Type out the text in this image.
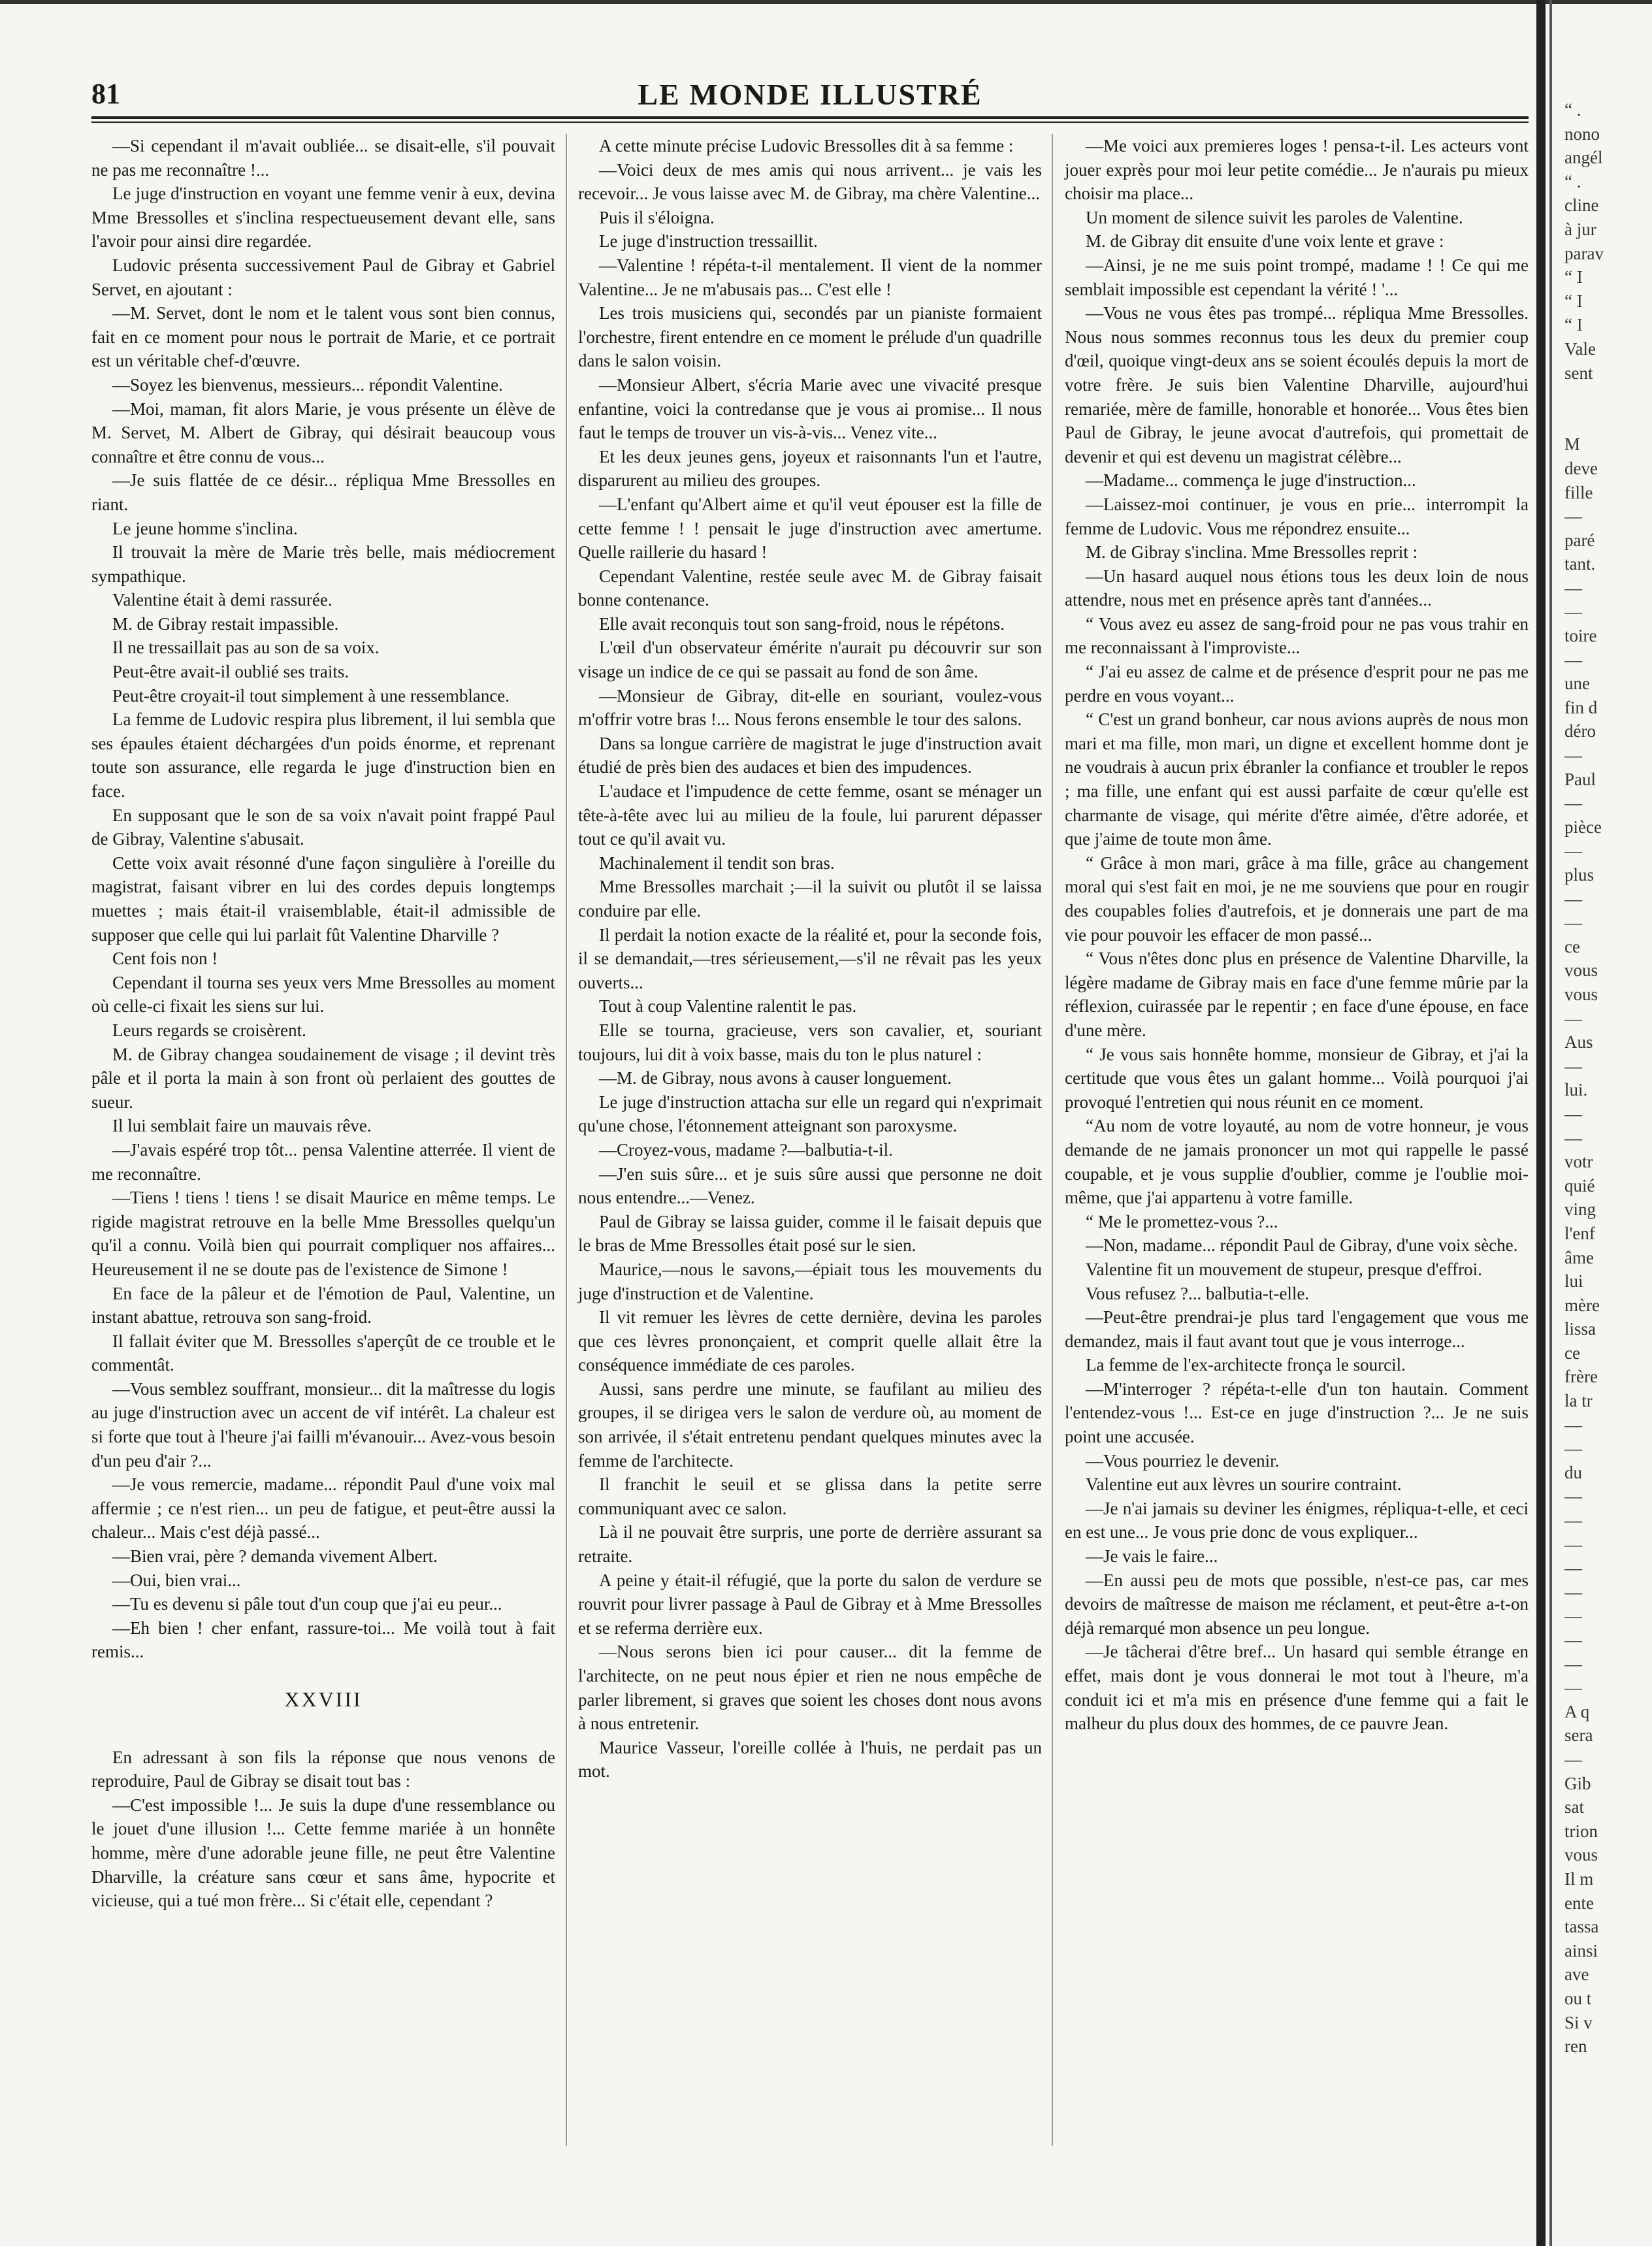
81	LE MONDE ILLUSTRÉ

—Si cependant il m'avait oubliée... se disait-elle, s'il pouvait ne pas me reconnaître !...

Le juge d'instruction en voyant une femme venir à eux, devina Mme Bressolles et s'inclina respectueusement devant elle, sans l'avoir pour ainsi dire regardée.

Ludovic présenta successivement Paul de Gibray et Gabriel Servet, en ajoutant :

—M. Servet, dont le nom et le talent vous sont bien connus, fait en ce moment pour nous le portrait de Marie, et ce portrait est un véritable chef-d'œuvre.

—Soyez les bienvenus, messieurs... répondit Valentine.

—Moi, maman, fit alors Marie, je vous présente un élève de M. Servet, M. Albert de Gibray, qui désirait beaucoup vous connaître et être connu de vous...

—Je suis flattée de ce désir... répliqua Mme Bressolles en riant.

Le jeune homme s'inclina.

Il trouvait la mère de Marie très belle, mais médiocrement sympathique.

Valentine était à demi rassurée.

M. de Gibray restait impassible.

Il ne tressaillait pas au son de sa voix.

Peut-être avait-il oublié ses traits.

Peut-être croyait-il tout simplement à une ressemblance.

La femme de Ludovic respira plus librement, il lui sembla que ses épaules étaient déchargées d'un poids énorme, et reprenant toute son assurance, elle regarda le juge d'instruction bien en face.

En supposant que le son de sa voix n'avait point frappé Paul de Gibray, Valentine s'abusait.

Cette voix avait résonné d'une façon singulière à l'oreille du magistrat, faisant vibrer en lui des cordes depuis longtemps muettes ; mais était-il vraisemblable, était-il admissible de supposer que celle qui lui parlait fût Valentine Dharville ?

Cent fois non !

Cependant il tourna ses yeux vers Mme Bressolles au moment où celle-ci fixait les siens sur lui.

Leurs regards se croisèrent.

M. de Gibray changea soudainement de visage ; il devint très pâle et il porta la main à son front où perlaient des gouttes de sueur.

Il lui semblait faire un mauvais rêve.

—J'avais espéré trop tôt... pensa Valentine atterrée. Il vient de me reconnaître.

—Tiens ! tiens ! tiens ! se disait Maurice en même temps. Le rigide magistrat retrouve en la belle Mme Bressolles quelqu'un qu'il a connu. Voilà bien qui pourrait compliquer nos affaires... Heureusement il ne se doute pas de l'existence de Simone !

En face de la pâleur et de l'émotion de Paul, Valentine, un instant abattue, retrouva son sang-froid.

Il fallait éviter que M. Bressolles s'aperçût de ce trouble et le commentât.

—Vous semblez souffrant, monsieur... dit la maîtresse du logis au juge d'instruction avec un accent de vif intérêt. La chaleur est si forte que tout à l'heure j'ai failli m'évanouir... Avez-vous besoin d'un peu d'air ?...

—Je vous remercie, madame... répondit Paul d'une voix mal affermie ; ce n'est rien... un peu de fatigue, et peut-être aussi la chaleur... Mais c'est déjà passé...

—Bien vrai, père ? demanda vivement Albert.

—Oui, bien vrai...

—Tu es devenu si pâle tout d'un coup que j'ai eu peur...

—Eh bien ! cher enfant, rassure-toi... Me voilà tout à fait remis...

XXVIII

En adressant à son fils la réponse que nous venons de reproduire, Paul de Gibray se disait tout bas :

—C'est impossible !... Je suis la dupe d'une ressemblance ou le jouet d'une illusion !... Cette femme mariée à un honnête homme, mère d'une adorable jeune fille, ne peut être Valentine Dharville, la créature sans cœur et sans âme, hypocrite et vicieuse, qui a tué mon frère... Si c'était elle, cependant ?

A cette minute précise Ludovic Bressolles dit à sa femme :

—Voici deux de mes amis qui nous arrivent... je vais les recevoir... Je vous laisse avec M. de Gibray, ma chère Valentine...

Puis il s'éloigna.

Le juge d'instruction tressaillit.

—Valentine ! répéta-t-il mentalement. Il vient de la nommer Valentine... Je ne m'abusais pas... C'est elle !

Les trois musiciens qui, secondés par un pianiste formaient l'orchestre, firent entendre en ce moment le prélude d'un quadrille dans le salon voisin.

—Monsieur Albert, s'écria Marie avec une vivacité presque enfantine, voici la contredanse que je vous ai promise... Il nous faut le temps de trouver un vis-à-vis... Venez vite...

Et les deux jeunes gens, joyeux et raisonnants l'un et l'autre, disparurent au milieu des groupes.

—L'enfant qu'Albert aime et qu'il veut épouser est la fille de cette femme ! ! pensait le juge d'instruction avec amertume. Quelle raillerie du hasard !

Cependant Valentine, restée seule avec M. de Gibray faisait bonne contenance.

Elle avait reconquis tout son sang-froid, nous le répétons.

L'œil d'un observateur émérite n'aurait pu découvrir sur son visage un indice de ce qui se passait au fond de son âme.

—Monsieur de Gibray, dit-elle en souriant, voulez-vous m'offrir votre bras !... Nous ferons ensemble le tour des salons.

Dans sa longue carrière de magistrat le juge d'instruction avait étudié de près bien des audaces et bien des impudences.

L'audace et l'impudence de cette femme, osant se ménager un tête-à-tête avec lui au milieu de la foule, lui parurent dépasser tout ce qu'il avait vu.

Machinalement il tendit son bras.

Mme Bressolles marchait ;—il la suivit ou plutôt il se laissa conduire par elle.

Il perdait la notion exacte de la réalité et, pour la seconde fois, il se demandait,—tres sérieusement,—s'il ne rêvait pas les yeux ouverts...

Tout à coup Valentine ralentit le pas.

Elle se tourna, gracieuse, vers son cavalier, et, souriant toujours, lui dit à voix basse, mais du ton le plus naturel :

—M. de Gibray, nous avons à causer longuement.

Le juge d'instruction attacha sur elle un regard qui n'exprimait qu'une chose, l'étonnement atteignant son paroxysme.

—Croyez-vous, madame ?—balbutia-t-il.

—J'en suis sûre... et je suis sûre aussi que personne ne doit nous entendre...—Venez.

Paul de Gibray se laissa guider, comme il le faisait depuis que le bras de Mme Bressolles était posé sur le sien.

Maurice,—nous le savons,—épiait tous les mouvements du juge d'instruction et de Valentine.

Il vit remuer les lèvres de cette dernière, devina les paroles que ces lèvres prononçaient, et comprit quelle allait être la conséquence immédiate de ces paroles.

Aussi, sans perdre une minute, se faufilant au milieu des groupes, il se dirigea vers le salon de verdure où, au moment de son arrivée, il s'était entretenu pendant quelques minutes avec la femme de l'architecte.

Il franchit le seuil et se glissa dans la petite serre communiquant avec ce salon.

Là il ne pouvait être surpris, une porte de derrière assurant sa retraite.

A peine y était-il réfugié, que la porte du salon de verdure se rouvrit pour livrer passage à Paul de Gibray et à Mme Bressolles et se referma derrière eux.

—Nous serons bien ici pour causer... dit la femme de l'architecte, on ne peut nous épier et rien ne nous empêche de parler librement, si graves que soient les choses dont nous avons à nous entretenir.

Maurice Vasseur, l'oreille collée à l'huis, ne perdait pas un mot.

—Me voici aux premieres loges ! pensa-t-il. Les acteurs vont jouer exprès pour moi leur petite comédie... Je n'aurais pu mieux choisir ma place...

Un moment de silence suivit les paroles de Valentine.

M. de Gibray dit ensuite d'une voix lente et grave :

—Ainsi, je ne me suis point trompé, madame ! ! Ce qui me semblait impossible est cependant la vérité ! '...

—Vous ne vous êtes pas trompé... répliqua Mme Bressolles. Nous nous sommes reconnus tous les deux du premier coup d'œil, quoique vingt-deux ans se soient écoulés depuis la mort de votre frère. Je suis bien Valentine Dharville, aujourd'hui remariée, mère de famille, honorable et honorée... Vous êtes bien Paul de Gibray, le jeune avocat d'autrefois, qui promettait de devenir et qui est devenu un magistrat célèbre...

—Madame... commença le juge d'instruction...

—Laissez-moi continuer, je vous en prie... interrompit la femme de Ludovic. Vous me répondrez ensuite...

M. de Gibray s'inclina. Mme Bressolles reprit :

—Un hasard auquel nous étions tous les deux loin de nous attendre, nous met en présence après tant d'années...

“ Vous avez eu assez de sang-froid pour ne pas vous trahir en me reconnaissant à l'improviste...

“ J'ai eu assez de calme et de présence d'esprit pour ne pas me perdre en vous voyant...

“ C'est un grand bonheur, car nous avions auprès de nous mon mari et ma fille, mon mari, un digne et excellent homme dont je ne voudrais à aucun prix ébranler la confiance et troubler le repos ; ma fille, une enfant qui est aussi parfaite de cœur qu'elle est charmante de visage, qui mérite d'être aimée, d'être adorée, et que j'aime de toute mon âme.

“ Grâce à mon mari, grâce à ma fille, grâce au changement moral qui s'est fait en moi, je ne me souviens que pour en rougir des coupables folies d'autrefois, et je donnerais une part de ma vie pour pouvoir les effacer de mon passé...

“ Vous n'êtes donc plus en présence de Valentine Dharville, la légère madame de Gibray mais en face d'une femme mûrie par la réflexion, cuirassée par le repentir ; en face d'une épouse, en face d'une mère.

“ Je vous sais honnête homme, monsieur de Gibray, et j'ai la certitude que vous êtes un galant homme... Voilà pourquoi j'ai provoqué l'entretien qui nous réunit en ce moment.

“Au nom de votre loyauté, au nom de votre honneur, je vous demande de ne jamais prononcer un mot qui rappelle le passé coupable, et je vous supplie d'oublier, comme je l'oublie moi-même, que j'ai appartenu à votre famille.

“ Me le promettez-vous ?...

—Non, madame... répondit Paul de Gibray, d'une voix sèche.

Valentine fit un mouvement de stupeur, presque d'effroi.

Vous refusez ?... balbutia-t-elle.

—Peut-être prendrai-je plus tard l'engagement que vous me demandez, mais il faut avant tout que je vous interroge...

La femme de l'ex-architecte fronça le sourcil.

—M'interroger ? répéta-t-elle d'un ton hautain. Comment l'entendez-vous !... Est-ce en juge d'instruction ?... Je ne suis point une accusée.

—Vous pourriez le devenir.

Valentine eut aux lèvres un sourire contraint.

—Je n'ai jamais su deviner les énigmes, répliqua-t-elle, et ceci en est une... Je vous prie donc de vous expliquer...

—Je vais le faire...

—En aussi peu de mots que possible, n'est-ce pas, car mes devoirs de maîtresse de maison me réclament, et peut-être a-t-on déjà remarqué mon absence un peu longue.

—Je tâcherai d'être bref... Un hasard qui semble étrange en effet, mais dont je vous donnerai le mot tout à l'heure, m'a conduit ici et m'a mis en présence d'une femme qui a fait le malheur du plus doux des hommes, de ce pauvre Jean.

“ .
nono
angél
“ .
cline
à jur
parav
“ I
“ I
“ I
Vale
sent
M
deve
fille
—
paré
tant.
—
—
toire
—
une
fin d
déro
—
Paul
—
pièce
—
plus
—
—
ce
vous
vous
—
Aus
—
lui.
—
—
votr
quié
ving
l'enf
âme
lui
mère
lissa
ce
frère
la tr
—
—
du
—
—
—
—
—
—
—
—
—
A q
sera
—
Gib
sat
trion
vous
Il m
ente
tassa
ainsi
ave
ou t
Si v
ren
